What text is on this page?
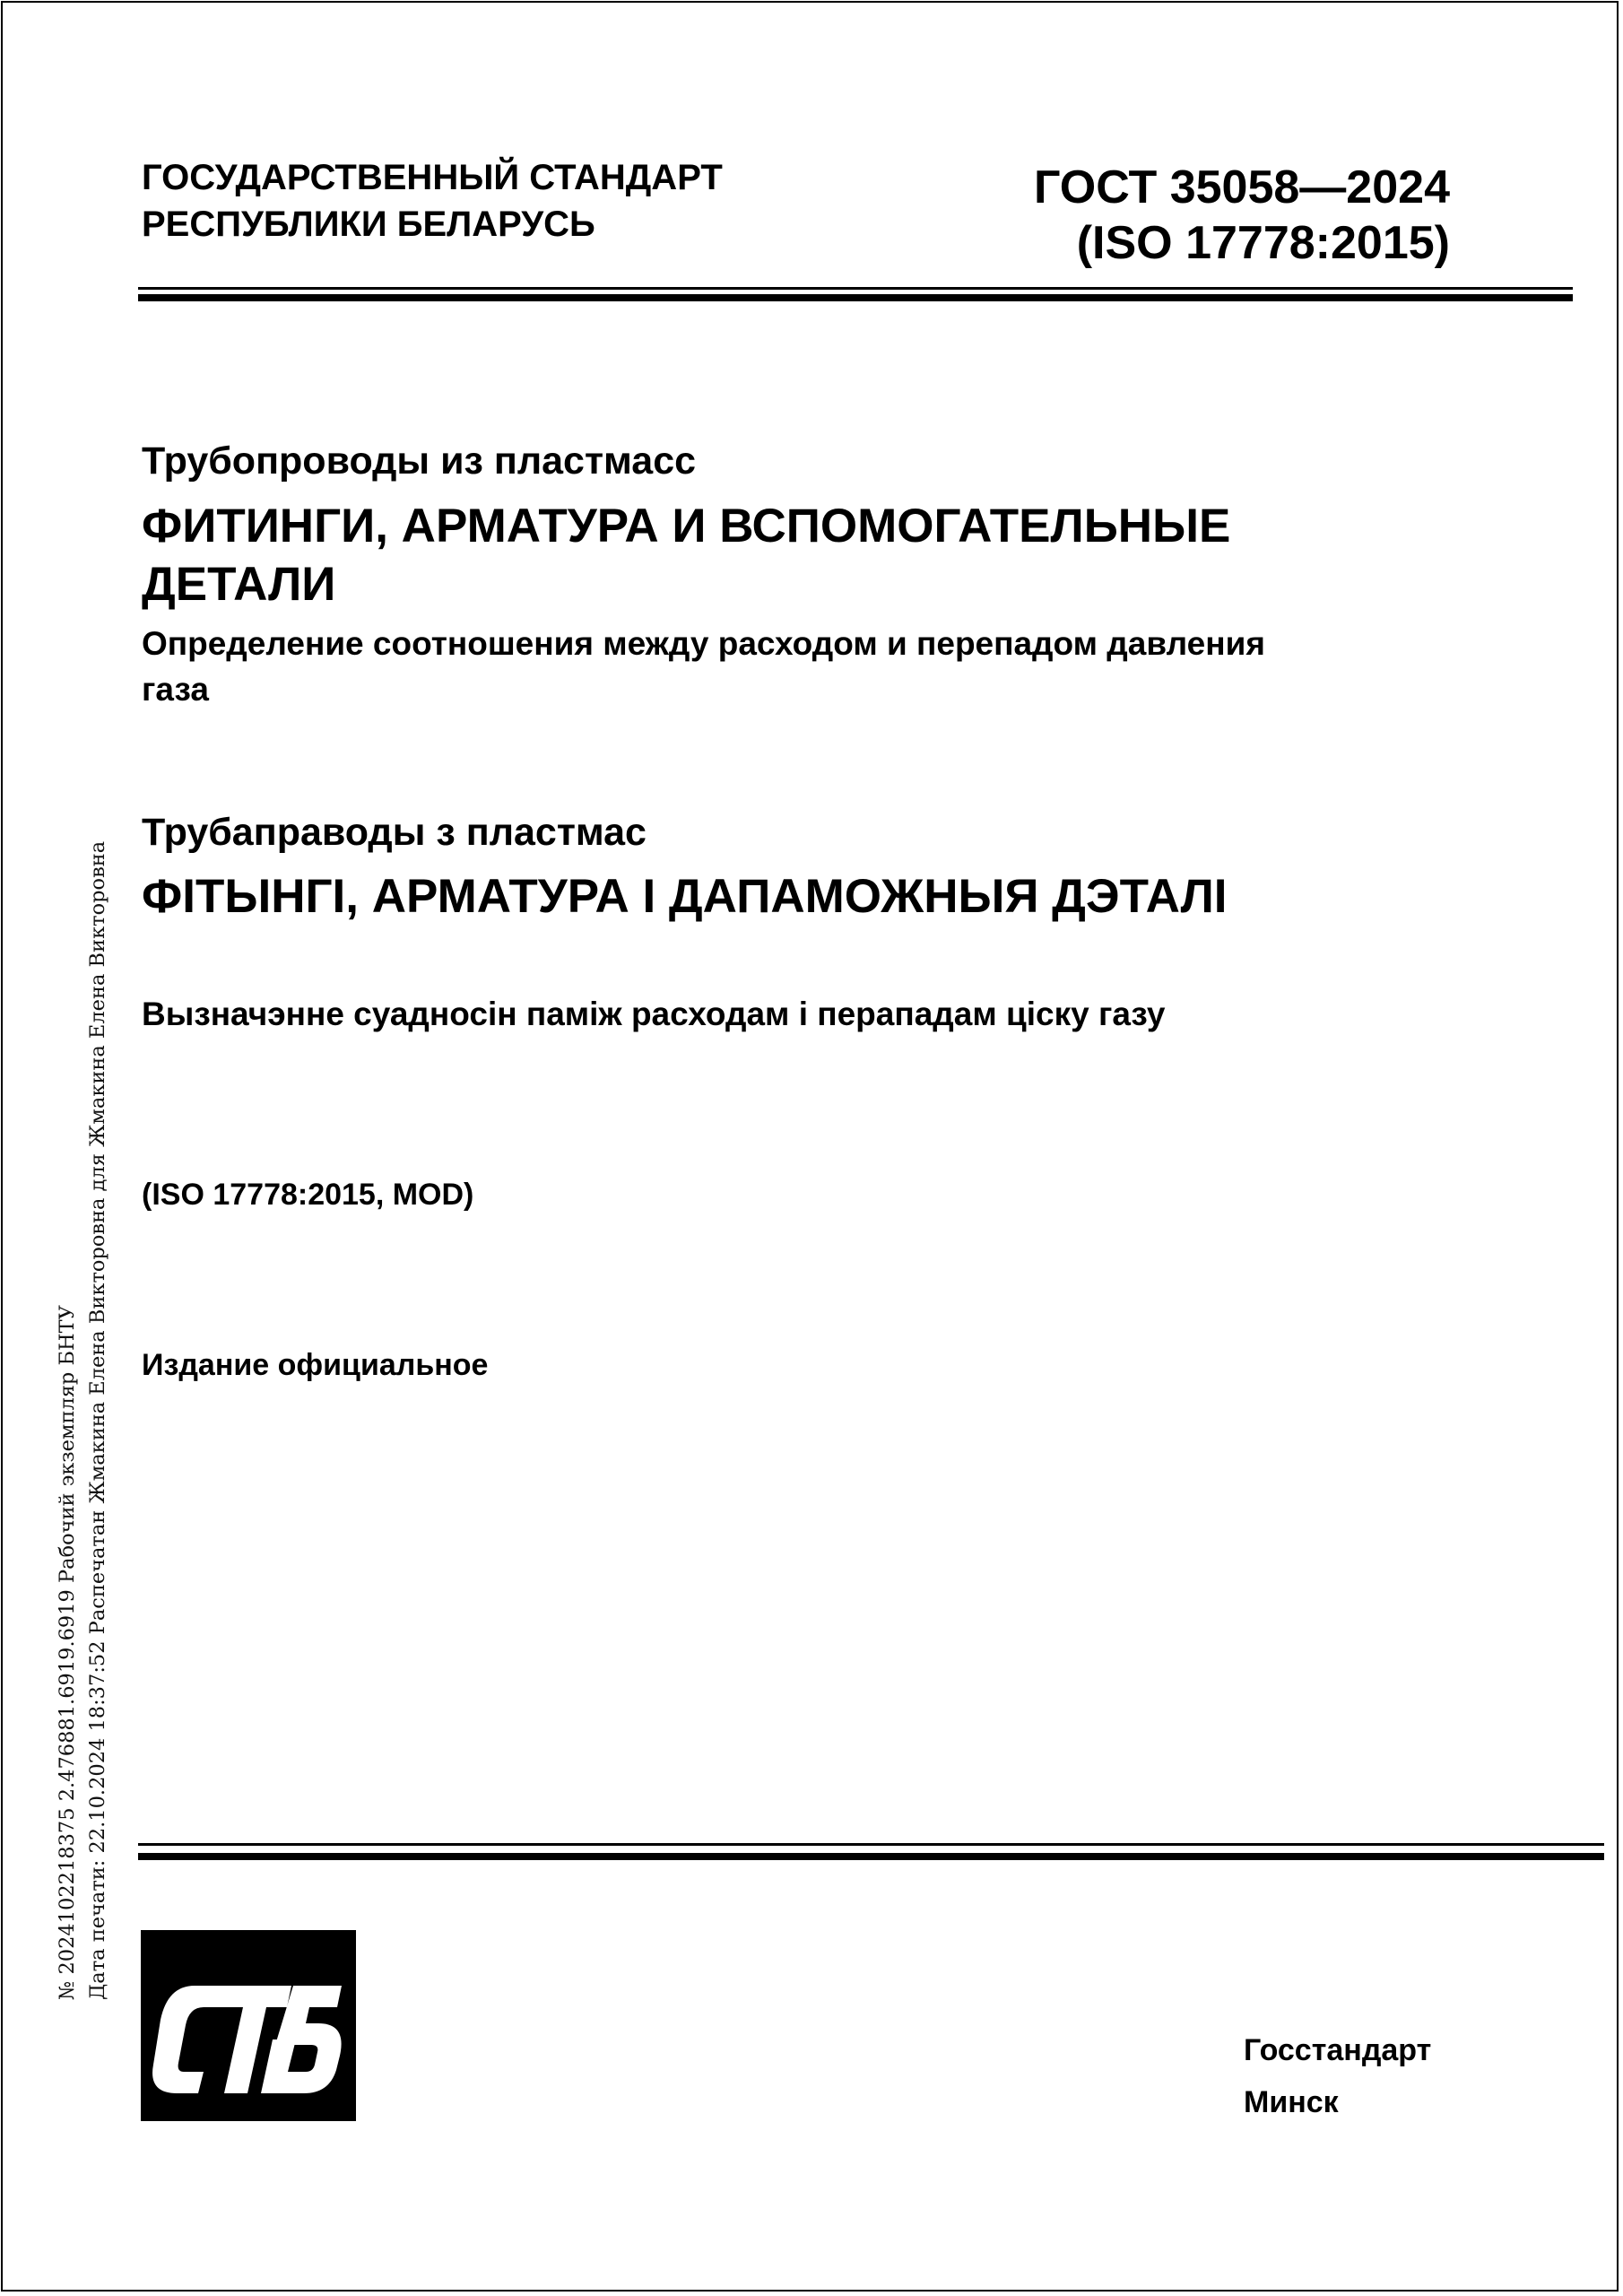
ГОСУДАРСТВЕННЫЙ СТАНДАРТ
РЕСПУБЛИКИ БЕЛАРУСЬ
ГОСТ 35058—2024
(ISO 17778:2015)
Трубопроводы из пластмасс
ФИТИНГИ, АРМАТУРА И ВСПОМОГАТЕЛЬНЫЕ ДЕТАЛИ
Определение соотношения между расходом и перепадом давления газа
Трубаправоды з пластмас
ФІТЫНГІ, АРМАТУРА І ДАПАМОЖНЫЯ ДЭТАЛІ
Вызначэнне суадносін паміж расходам і перападам ціску газу
(ISO 17778:2015, MOD)
Издание официальное
№ 2024102218375 2.476881.6919.6919 Рабочий экземпляр БНТУ Дата печати: 22.10.2024 18:37:52 Распечатан Жмакина Елена Викторовна для Жмакина Елена Викторовна
Госстандарт
Минск
